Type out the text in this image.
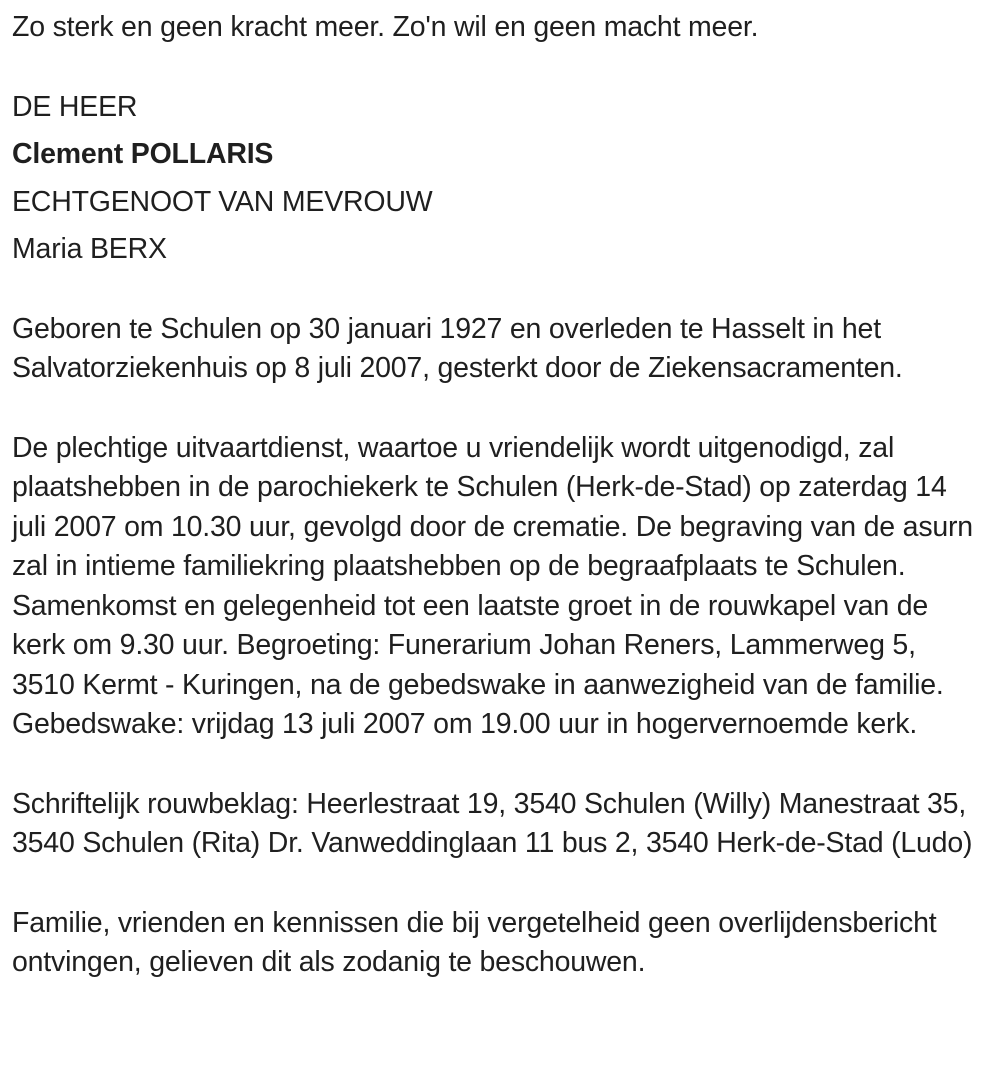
Zo sterk en geen kracht meer. Zo'n wil en geen macht meer.

DE HEER

Clement POLLARIS

ECHTGENOOT VAN MEVROUW

Maria BERX

Geboren te Schulen op 30 januari 1927 en overleden te Hasselt in het Salvatorziekenhuis op 8 juli 2007, gesterkt door de Ziekensacramenten.

De plechtige uitvaartdienst, waartoe u vriendelijk wordt uitgenodigd, zal plaatshebben in de parochiekerk te Schulen (Herk-de-Stad) op zaterdag 14 juli 2007 om 10.30 uur, gevolgd door de crematie. De begraving van de asurn zal in intieme familiekring plaatshebben op de begraafplaats te Schulen. Samenkomst en gelegenheid tot een laatste groet in de rouwkapel van de kerk om 9.30 uur. Begroeting: Funerarium Johan Reners, Lammerweg 5, 3510 Kermt - Kuringen, na de gebedswake in aanwezigheid van de familie. Gebedswake: vrijdag 13 juli 2007 om 19.00 uur in hogervernoemde kerk.

Schriftelijk rouwbeklag: Heerlestraat 19, 3540 Schulen (Willy) Manestraat 35, 3540 Schulen (Rita) Dr. Vanweddinglaan 11 bus 2, 3540 Herk-de-Stad (Ludo)

Familie, vrienden en kennissen die bij vergetelheid geen overlijdensbericht ontvingen, gelieven dit als zodanig te beschouwen.
